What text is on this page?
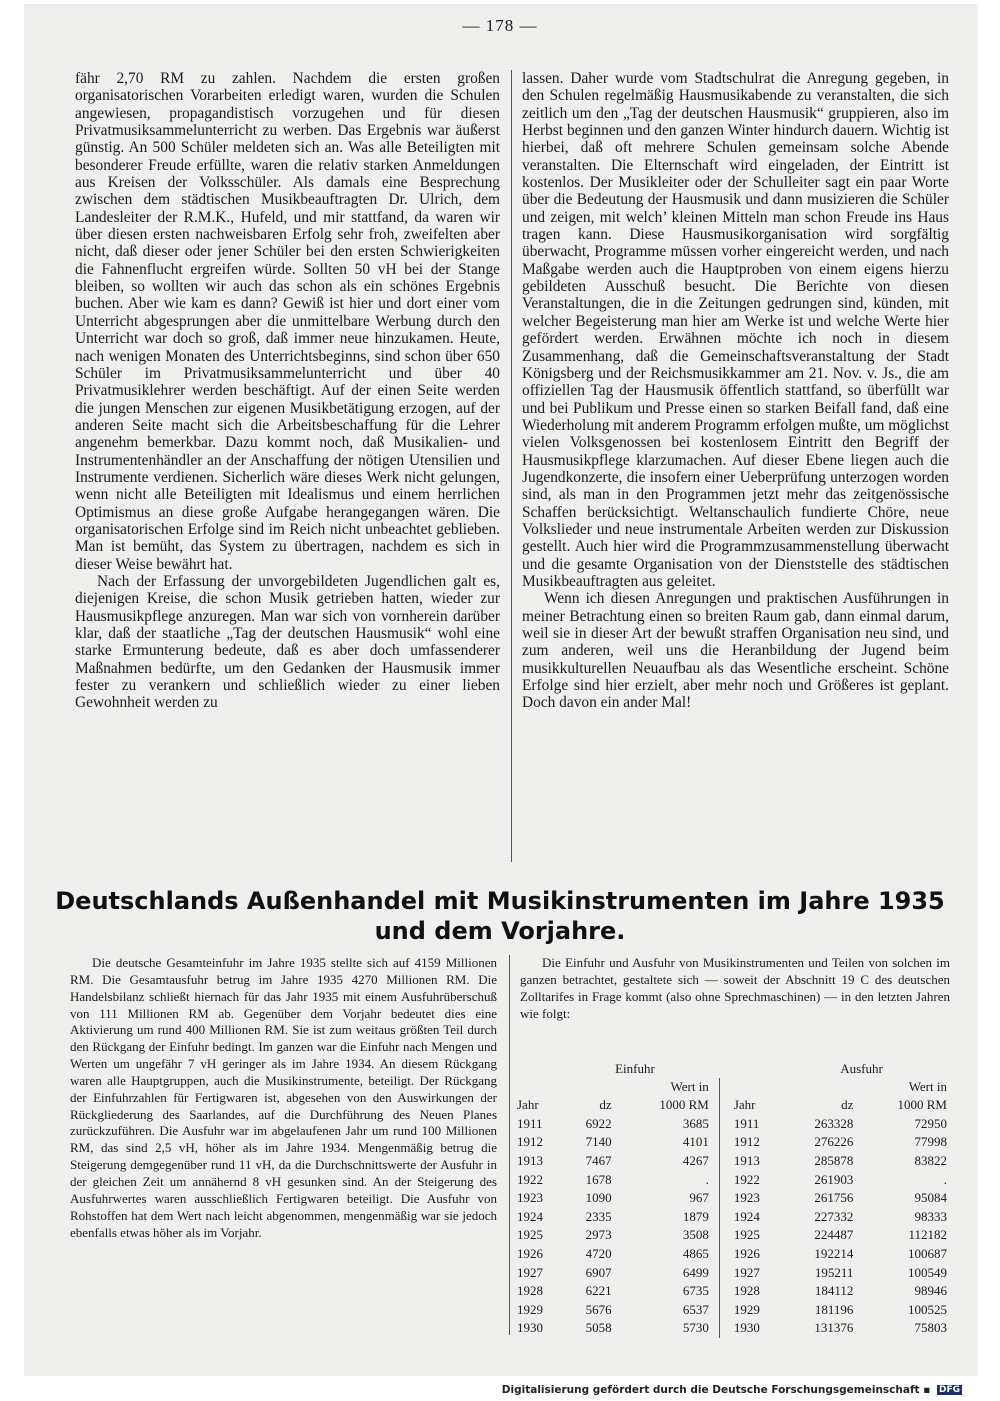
— 178 —

fähr 2,70 RM zu zahlen. Nachdem die ersten großen organisatorischen Vorarbeiten erledigt waren, wurden die Schulen angewiesen, propagandistisch vorzugehen und für diesen Privatmusiksammelunterricht zu werben. Das Ergebnis war äußerst günstig. An 500 Schüler meldeten sich an. Was alle Beteiligten mit besonderer Freude erfüllte, waren die relativ starken Anmeldungen aus Kreisen der Volksschüler. Als damals eine Besprechung zwischen dem städtischen Musikbeauftragten Dr. Ulrich, dem Landesleiter der R.M.K., Hufeld, und mir stattfand, da waren wir über diesen ersten nachweisbaren Erfolg sehr froh, zweifelten aber nicht, daß dieser oder jener Schüler bei den ersten Schwierigkeiten die Fahnenflucht ergreifen würde. Sollten 50 vH bei der Stange bleiben, so wollten wir auch das schon als ein schönes Ergebnis buchen. Aber wie kam es dann? Gewiß ist hier und dort einer vom Unterricht abgesprungen aber die unmittelbare Werbung durch den Unterricht war doch so groß, daß immer neue hinzukamen. Heute, nach wenigen Monaten des Unterrichtsbeginns, sind schon über 650 Schüler im Privatmusiksammelunterricht und über 40 Privatmusiklehrer werden beschäftigt. Auf der einen Seite werden die jungen Menschen zur eigenen Musikbetätigung erzogen, auf der anderen Seite macht sich die Arbeitsbeschaffung für die Lehrer angenehm bemerkbar. Dazu kommt noch, daß Musikalien- und Instrumentenhändler an der Anschaffung der nötigen Utensilien und Instrumente verdienen. Sicherlich wäre dieses Werk nicht gelungen, wenn nicht alle Beteiligten mit Idealismus und einem herrlichen Optimismus an diese große Aufgabe herangegangen wären. Die organisatorischen Erfolge sind im Reich nicht unbeachtet geblieben. Man ist bemüht, das System zu übertragen, nachdem es sich in dieser Weise bewährt hat.

Nach der Erfassung der unvorgebildeten Jugendlichen galt es, diejenigen Kreise, die schon Musik getrieben hatten, wieder zur Hausmusikpflege anzuregen. Man war sich von vornherein darüber klar, daß der staatliche „Tag der deutschen Hausmusik“ wohl eine starke Ermunterung bedeute, daß es aber doch umfassenderer Maßnahmen bedürfte, um den Gedanken der Hausmusik immer fester zu verankern und schließlich wieder zu einer lieben Gewohnheit werden zu

lassen. Daher wurde vom Stadtschulrat die Anregung gegeben, in den Schulen regelmäßig Hausmusikabende zu veranstalten, die sich zeitlich um den „Tag der deutschen Hausmusik“ gruppieren, also im Herbst beginnen und den ganzen Winter hindurch dauern. Wichtig ist hierbei, daß oft mehrere Schulen gemeinsam solche Abende veranstalten. Die Elternschaft wird eingeladen, der Eintritt ist kostenlos. Der Musikleiter oder der Schulleiter sagt ein paar Worte über die Bedeutung der Hausmusik und dann musizieren die Schüler und zeigen, mit welch’ kleinen Mitteln man schon Freude ins Haus tragen kann. Diese Hausmusikorganisation wird sorgfältig überwacht, Programme müssen vorher eingereicht werden, und nach Maßgabe werden auch die Hauptproben von einem eigens hierzu gebildeten Ausschuß besucht. Die Berichte von diesen Veranstaltungen, die in die Zeitungen gedrungen sind, künden, mit welcher Begeisterung man hier am Werke ist und welche Werte hier gefördert werden. Erwähnen möchte ich noch in diesem Zusammenhang, daß die Gemeinschaftsveranstaltung der Stadt Königsberg und der Reichsmusikkammer am 21. Nov. v. Js., die am offiziellen Tag der Hausmusik öffentlich stattfand, so überfüllt war und bei Publikum und Presse einen so starken Beifall fand, daß eine Wiederholung mit anderem Programm erfolgen mußte, um möglichst vielen Volksgenossen bei kostenlosem Eintritt den Begriff der Hausmusikpflege klarzumachen. Auf dieser Ebene liegen auch die Jugendkonzerte, die insofern einer Ueberprüfung unterzogen worden sind, als man in den Programmen jetzt mehr das zeitgenössische Schaffen berücksichtigt. Weltanschaulich fundierte Chöre, neue Volkslieder und neue instrumentale Arbeiten werden zur Diskussion gestellt. Auch hier wird die Programmzusammenstellung überwacht und die gesamte Organisation von der Dienststelle des städtischen Musikbeauftragten aus geleitet.

Wenn ich diesen Anregungen und praktischen Ausführungen in meiner Betrachtung einen so breiten Raum gab, dann einmal darum, weil sie in dieser Art der bewußt straffen Organisation neu sind, und zum anderen, weil uns die Heranbildung der Jugend beim musikkulturellen Neuaufbau als das Wesentliche erscheint. Schöne Erfolge sind hier erzielt, aber mehr noch und Größeres ist geplant. Doch davon ein ander Mal!

Deutschlands Außenhandel mit Musikinstrumenten im Jahre 1935
und dem Vorjahre.

Die deutsche Gesamteinfuhr im Jahre 1935 stellte sich auf 4159 Millionen RM. Die Gesamtausfuhr betrug im Jahre 1935 4270 Millionen RM. Die Handelsbilanz schließt hiernach für das Jahr 1935 mit einem Ausfuhrüberschuß von 111 Millionen RM ab. Gegenüber dem Vorjahr bedeutet dies eine Aktivierung um rund 400 Millionen RM. Sie ist zum weitaus größten Teil durch den Rückgang der Einfuhr bedingt. Im ganzen war die Einfuhr nach Mengen und Werten um ungefähr 7 vH geringer als im Jahre 1934. An diesem Rückgang waren alle Hauptgruppen, auch die Musikinstrumente, beteiligt. Der Rückgang der Einfuhrzahlen für Fertigwaren ist, abgesehen von den Auswirkungen der Rückgliederung des Saarlandes, auf die Durchführung des Neuen Planes zurückzuführen. Die Ausfuhr war im abgelaufenen Jahr um rund 100 Millionen RM, das sind 2,5 vH, höher als im Jahre 1934. Mengenmäßig betrug die Steigerung demgegenüber rund 11 vH, da die Durchschnittswerte der Ausfuhr in der gleichen Zeit um annähernd 8 vH gesunken sind. An der Steigerung des Ausfuhrwertes waren ausschließlich Fertigwaren beteiligt. Die Ausfuhr von Rohstoffen hat dem Wert nach leicht abgenommen, mengenmäßig war sie jedoch ebenfalls etwas höher als im Vorjahr.

Die Einfuhr und Ausfuhr von Musikinstrumenten und Teilen von solchen im ganzen betrachtet, gestaltete sich — soweit der Abschnitt 19 C des deutschen Zolltarifes in Frage kommt (also ohne Sprechmaschinen) — in den letzten Jahren wie folgt:

	Einfuhr			Ausfuhr	
		Wert in			Wert in
Jahr	dz	1000 RM	Jahr	dz	1000 RM
1911	6922	3685	1911	263328	72950
1912	7140	4101	1912	276226	77998
1913	7467	4267	1913	285878	83822
1922	1678	.	1922	261903	.
1923	1090	967	1923	261756	95084
1924	2335	1879	1924	227332	98333
1925	2973	3508	1925	224487	112182
1926	4720	4865	1926	192214	100687
1927	6907	6499	1927	195211	100549
1928	6221	6735	1928	184112	98946
1929	5676	6537	1929	181196	100525
1930	5058	5730	1930	131376	75803
Digitalisierung gefördert durch die Deutsche Forschungsgemeinschaft ▪ DFG
